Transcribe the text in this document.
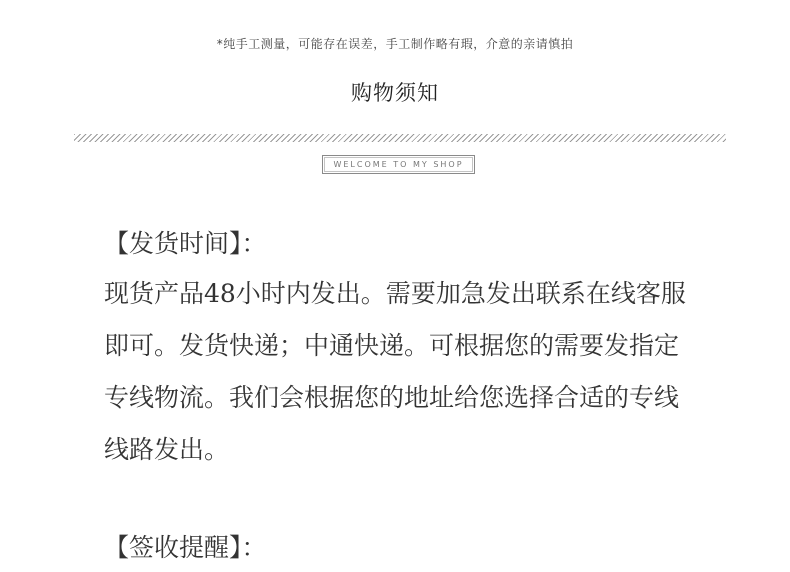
*纯手工测量，可能存在误差，手工制作略有瑕，介意的亲请慎拍
购物须知
WELCOME TO MY SHOP
【发货时间】：
现货产品48小时内发出。需要加急发出联系在线客服
即可。发货快递；中通快递。可根据您的需要发指定
专线物流。我们会根据您的地址给您选择合适的专线
线路发出。
【签收提醒】：
